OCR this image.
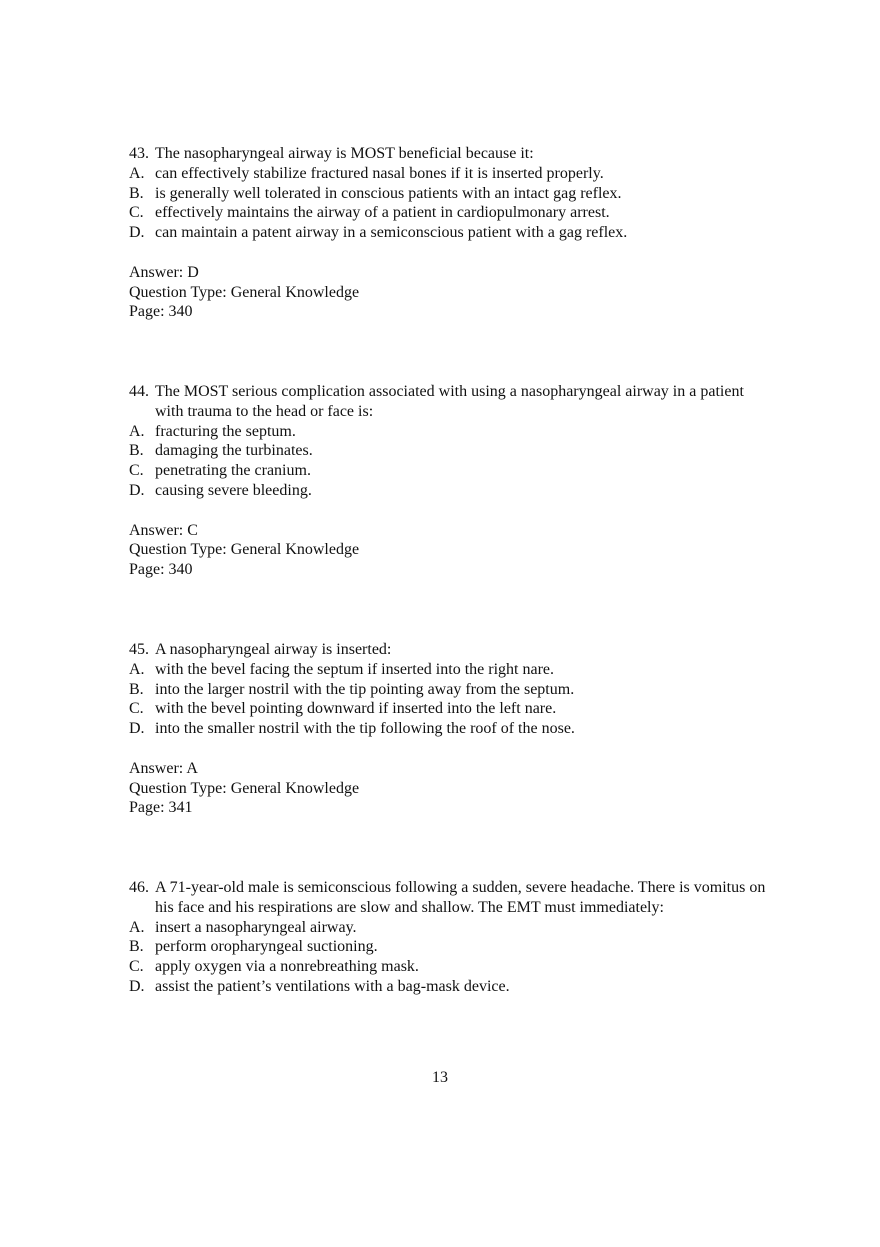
43. The nasopharyngeal airway is MOST beneficial because it:
A. can effectively stabilize fractured nasal bones if it is inserted properly.
B. is generally well tolerated in conscious patients with an intact gag reflex.
C. effectively maintains the airway of a patient in cardiopulmonary arrest.
D. can maintain a patent airway in a semiconscious patient with a gag reflex.
Answer: D
Question Type: General Knowledge
Page: 340
44. The MOST serious complication associated with using a nasopharyngeal airway in a patient with trauma to the head or face is:
A. fracturing the septum.
B. damaging the turbinates.
C. penetrating the cranium.
D. causing severe bleeding.
Answer: C
Question Type: General Knowledge
Page: 340
45. A nasopharyngeal airway is inserted:
A. with the bevel facing the septum if inserted into the right nare.
B. into the larger nostril with the tip pointing away from the septum.
C. with the bevel pointing downward if inserted into the left nare.
D. into the smaller nostril with the tip following the roof of the nose.
Answer: A
Question Type: General Knowledge
Page: 341
46. A 71-year-old male is semiconscious following a sudden, severe headache. There is vomitus on his face and his respirations are slow and shallow. The EMT must immediately:
A. insert a nasopharyngeal airway.
B. perform oropharyngeal suctioning.
C. apply oxygen via a nonrebreathing mask.
D. assist the patient’s ventilations with a bag-mask device.
13
